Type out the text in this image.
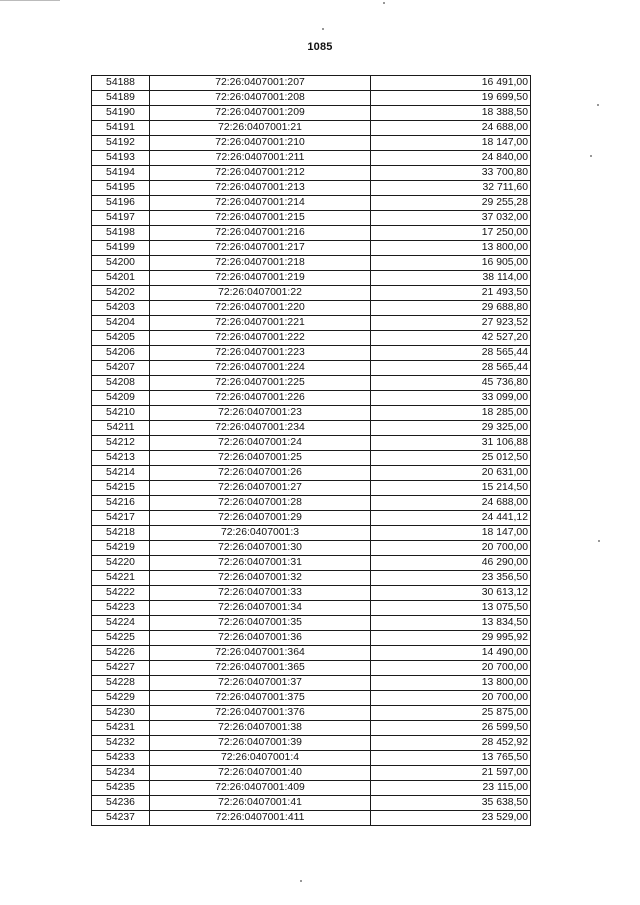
1085
54188	72:26:0407001:207	16 491,00
54189	72:26:0407001:208	19 699,50
54190	72:26:0407001:209	18 388,50
54191	72:26:0407001:21	24 688,00
54192	72:26:0407001:210	18 147,00
54193	72:26:0407001:211	24 840,00
54194	72:26:0407001:212	33 700,80
54195	72:26:0407001:213	32 711,60
54196	72:26:0407001:214	29 255,28
54197	72:26:0407001:215	37 032,00
54198	72:26:0407001:216	17 250,00
54199	72:26:0407001:217	13 800,00
54200	72:26:0407001:218	16 905,00
54201	72:26:0407001:219	38 114,00
54202	72:26:0407001:22	21 493,50
54203	72:26:0407001:220	29 688,80
54204	72:26:0407001:221	27 923,52
54205	72:26:0407001:222	42 527,20
54206	72:26:0407001:223	28 565,44
54207	72:26:0407001:224	28 565,44
54208	72:26:0407001:225	45 736,80
54209	72:26:0407001:226	33 099,00
54210	72:26:0407001:23	18 285,00
54211	72:26:0407001:234	29 325,00
54212	72:26:0407001:24	31 106,88
54213	72:26:0407001:25	25 012,50
54214	72:26:0407001:26	20 631,00
54215	72:26:0407001:27	15 214,50
54216	72:26:0407001:28	24 688,00
54217	72:26:0407001:29	24 441,12
54218	72:26:0407001:3	18 147,00
54219	72:26:0407001:30	20 700,00
54220	72:26:0407001:31	46 290,00
54221	72:26:0407001:32	23 356,50
54222	72:26:0407001:33	30 613,12
54223	72:26:0407001:34	13 075,50
54224	72:26:0407001:35	13 834,50
54225	72:26:0407001:36	29 995,92
54226	72:26:0407001:364	14 490,00
54227	72:26:0407001:365	20 700,00
54228	72:26:0407001:37	13 800,00
54229	72:26:0407001:375	20 700,00
54230	72:26:0407001:376	25 875,00
54231	72:26:0407001:38	26 599,50
54232	72:26:0407001:39	28 452,92
54233	72:26:0407001:4	13 765,50
54234	72:26:0407001:40	21 597,00
54235	72:26:0407001:409	23 115,00
54236	72:26:0407001:41	35 638,50
54237	72:26:0407001:411	23 529,00
